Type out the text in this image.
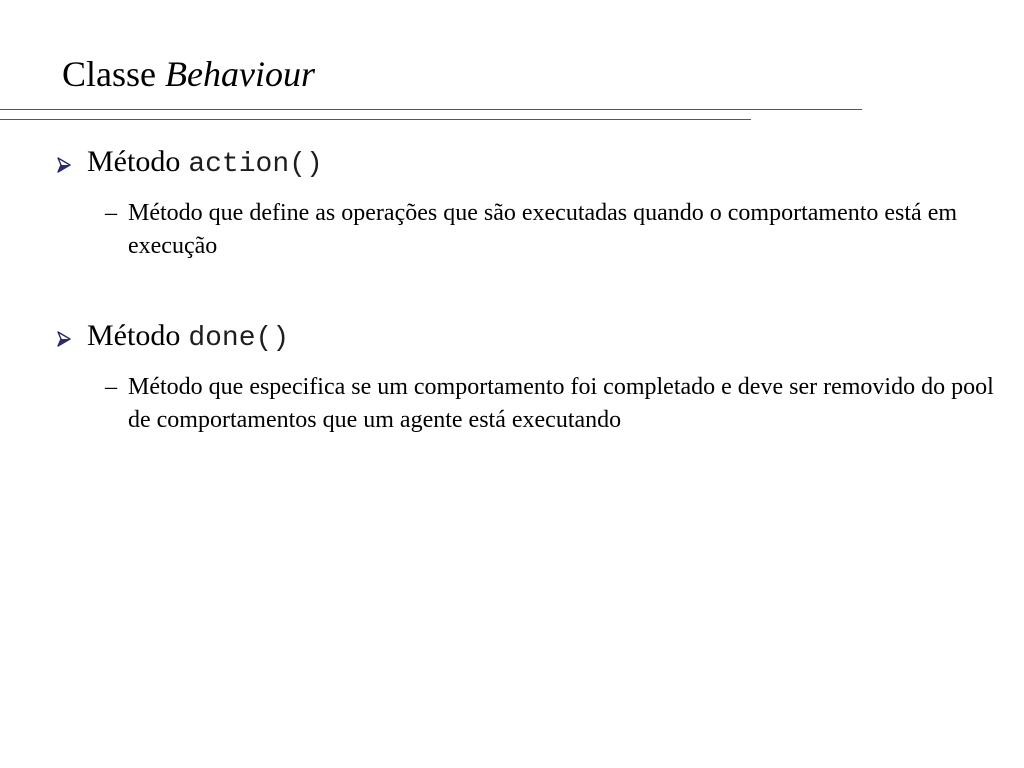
Classe Behaviour
Método action()
– Método que define as operações que são executadas quando o comportamento está em execução
Método done()
– Método que especifica se um comportamento foi completado e deve ser removido do pool de comportamentos que um agente está executando
